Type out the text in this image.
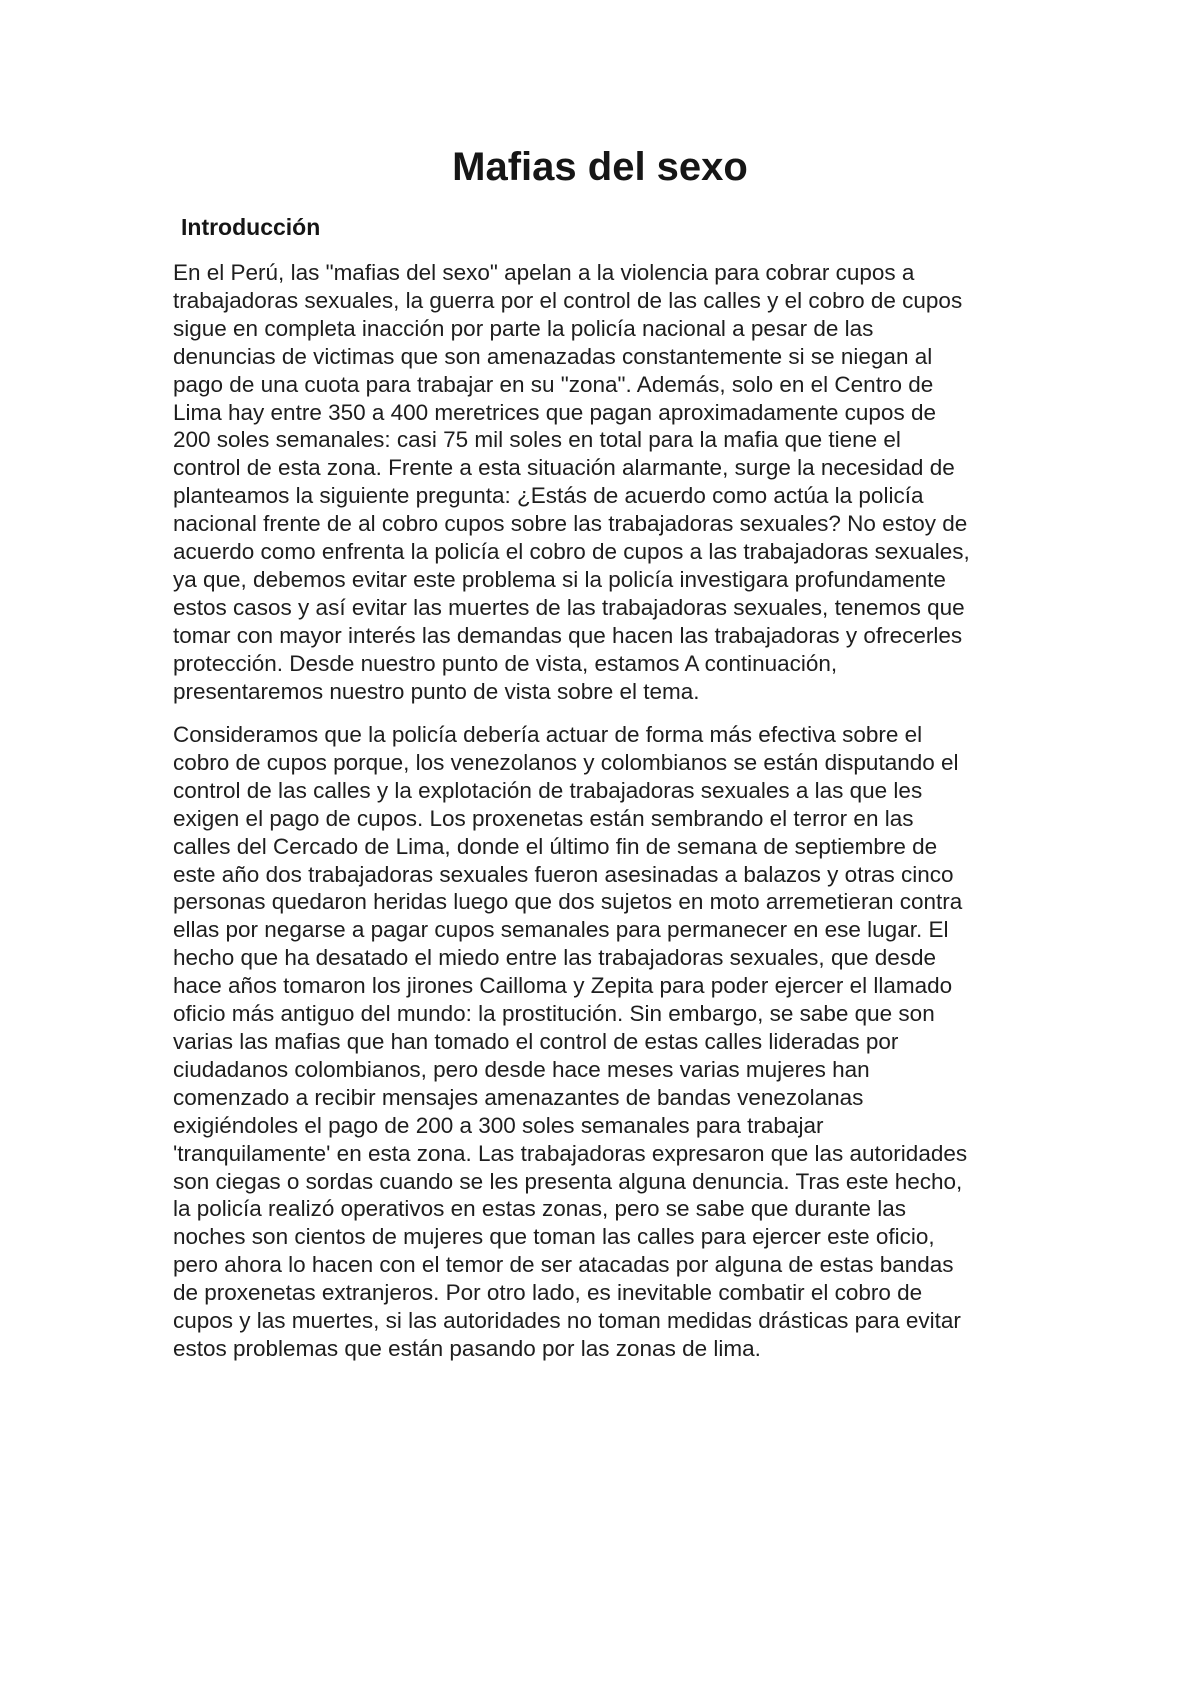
Mafias del sexo
Introducción

En el Perú, las "mafias del sexo" apelan a la violencia para cobrar cupos a
trabajadoras sexuales, la guerra por el control de las calles y el cobro de cupos
sigue en completa inacción por parte la policía nacional a pesar de las
denuncias de victimas que son amenazadas constantemente si se niegan al
pago de una cuota para trabajar en su "zona". Además, solo en el Centro de
Lima hay entre 350 a 400 meretrices que pagan aproximadamente cupos de
200 soles semanales: casi 75 mil soles en total para la mafia que tiene el
control de esta zona. Frente a esta situación alarmante, surge la necesidad de
planteamos la siguiente pregunta: ¿Estás de acuerdo como actúa la policía
nacional frente de al cobro cupos sobre las trabajadoras sexuales? No estoy de
acuerdo como enfrenta la policía el cobro de cupos a las trabajadoras sexuales,
ya que, debemos evitar este problema si la policía investigara profundamente
estos casos y así evitar las muertes de las trabajadoras sexuales, tenemos que
tomar con mayor interés las demandas que hacen las trabajadoras y ofrecerles
protección. Desde nuestro punto de vista, estamos A continuación,
presentaremos nuestro punto de vista sobre el tema.

Consideramos que la policía debería actuar de forma más efectiva sobre el
cobro de cupos porque, los venezolanos y colombianos se están disputando el
control de las calles y la explotación de trabajadoras sexuales a las que les
exigen el pago de cupos. Los proxenetas están sembrando el terror en las
calles del Cercado de Lima, donde el último fin de semana de septiembre de
este año dos trabajadoras sexuales fueron asesinadas a balazos y otras cinco
personas quedaron heridas luego que dos sujetos en moto arremetieran contra
ellas por negarse a pagar cupos semanales para permanecer en ese lugar. El
hecho que ha desatado el miedo entre las trabajadoras sexuales, que desde
hace años tomaron los jirones Cailloma y Zepita para poder ejercer el llamado
oficio más antiguo del mundo: la prostitución. Sin embargo, se sabe que son
varias las mafias que han tomado el control de estas calles lideradas por
ciudadanos colombianos, pero desde hace meses varias mujeres han
comenzado a recibir mensajes amenazantes de bandas venezolanas
exigiéndoles el pago de 200 a 300 soles semanales para trabajar
'tranquilamente' en esta zona. Las trabajadoras expresaron que las autoridades
son ciegas o sordas cuando se les presenta alguna denuncia. Tras este hecho,
la policía realizó operativos en estas zonas, pero se sabe que durante las
noches son cientos de mujeres que toman las calles para ejercer este oficio,
pero ahora lo hacen con el temor de ser atacadas por alguna de estas bandas
de proxenetas extranjeros. Por otro lado, es inevitable combatir el cobro de
cupos y las muertes, si las autoridades no toman medidas drásticas para evitar
estos problemas que están pasando por las zonas de lima.
